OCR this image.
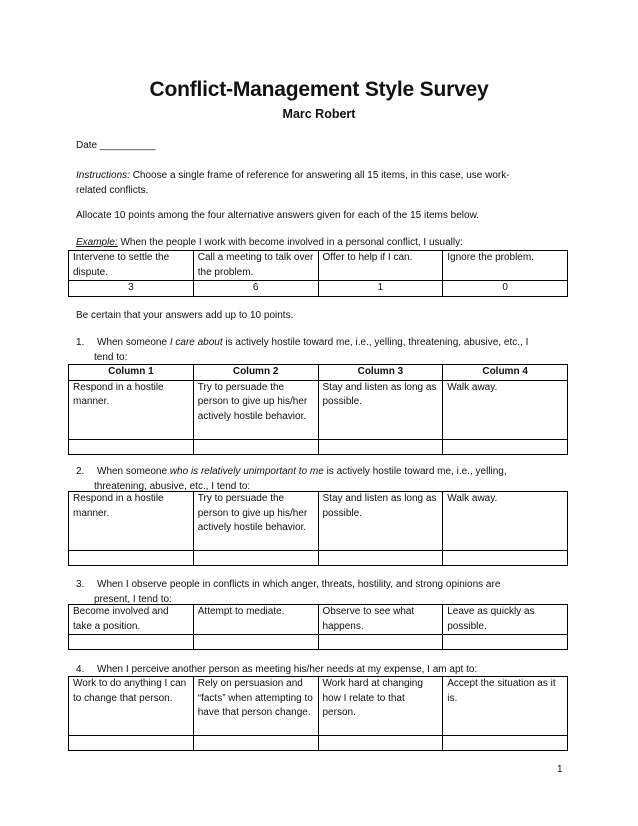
Conflict-Management Style Survey
Marc Robert
Date __________
Instructions: Choose a single frame of reference for answering all 15 items, in this case, use work-
related conflicts.
Allocate 10 points among the four alternative answers given for each of the 15 items below.
Example: When the people I work with become involved in a personal conflict, I usually:
Intervene to settle the dispute.	Call a meeting to talk over the problem.	Offer to help if I can.	Ignore the problem.
3	6	1	0
Be certain that your answers add up to 10 points.
1. When someone I care about is actively hostile toward me, i.e., yelling, threatening, abusive, etc., I
tend to:
Column 1	Column 2	Column 3	Column 4
Respond in a hostile manner.	Try to persuade the person to give up his/her actively hostile behavior.	Stay and listen as long as possible.	Walk away.

2. When someone who is relatively unimportant to me is actively hostile toward me, i.e., yelling,
threatening, abusive, etc., I tend to:
Respond in a hostile manner.	Try to persuade the person to give up his/her actively hostile behavior.	Stay and listen as long as possible.	Walk away.

3. When I observe people in conflicts in which anger, threats, hostility, and strong opinions are
present, I tend to:
Become involved and take a position.	Attempt to mediate.	Observe to see what happens.	Leave as quickly as possible.

4. When I perceive another person as meeting his/her needs at my expense, I am apt to:
Work to do anything I can to change that person.	Rely on persuasion and “facts” when attempting to have that person change.	Work hard at changing how I relate to that person.	Accept the situation as it is.

1
